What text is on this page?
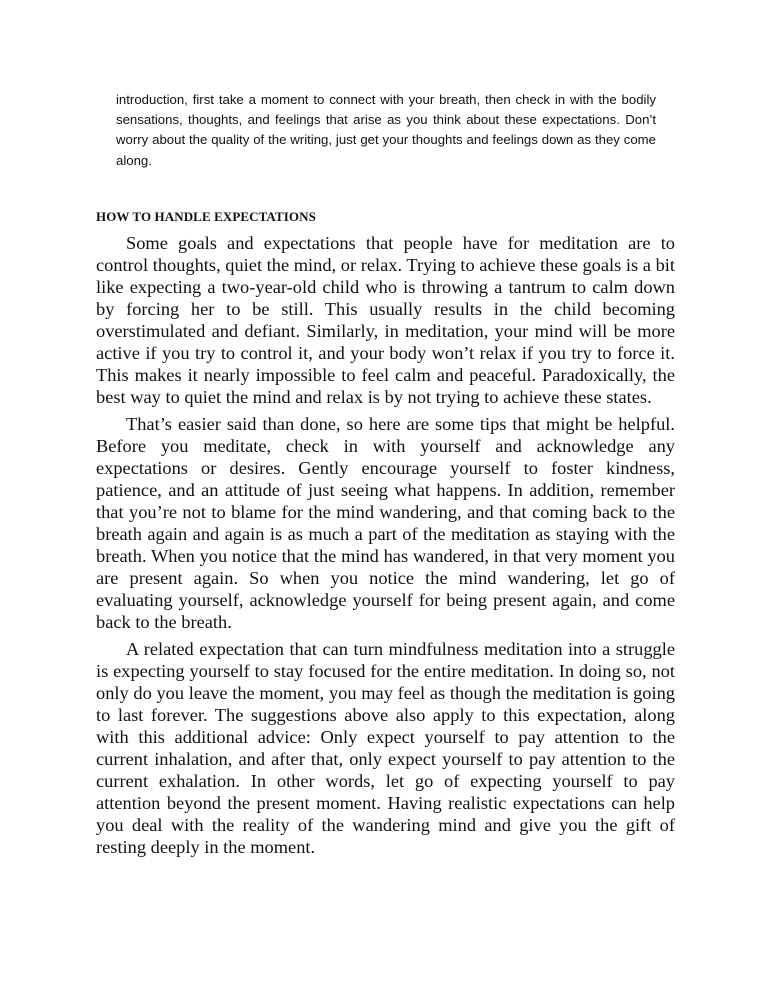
introduction, first take a moment to connect with your breath, then check in with the bodily sensations, thoughts, and feelings that arise as you think about these expectations. Don’t worry about the quality of the writing, just get your thoughts and feelings down as they come along.

HOW TO HANDLE EXPECTATIONS

Some goals and expectations that people have for meditation are to control thoughts, quiet the mind, or relax. Trying to achieve these goals is a bit like expecting a two-year-old child who is throwing a tantrum to calm down by forcing her to be still. This usually results in the child becoming overstimulated and defiant. Similarly, in meditation, your mind will be more active if you try to control it, and your body won’t relax if you try to force it. This makes it nearly impossible to feel calm and peaceful. Paradoxically, the best way to quiet the mind and relax is by not trying to achieve these states.

That’s easier said than done, so here are some tips that might be helpful. Before you meditate, check in with yourself and acknowledge any expectations or desires. Gently encourage yourself to foster kindness, patience, and an attitude of just seeing what happens. In addition, remember that you’re not to blame for the mind wandering, and that coming back to the breath again and again is as much a part of the meditation as staying with the breath. When you notice that the mind has wandered, in that very moment you are present again. So when you notice the mind wandering, let go of evaluating yourself, acknowledge yourself for being present again, and come back to the breath.

A related expectation that can turn mindfulness meditation into a struggle is expecting yourself to stay focused for the entire meditation. In doing so, not only do you leave the moment, you may feel as though the meditation is going to last forever. The suggestions above also apply to this expectation, along with this additional advice: Only expect yourself to pay attention to the current inhalation, and after that, only expect yourself to pay attention to the current exhalation. In other words, let go of expecting yourself to pay attention beyond the present moment. Having realistic expectations can help you deal with the reality of the wandering mind and give you the gift of resting deeply in the moment.
